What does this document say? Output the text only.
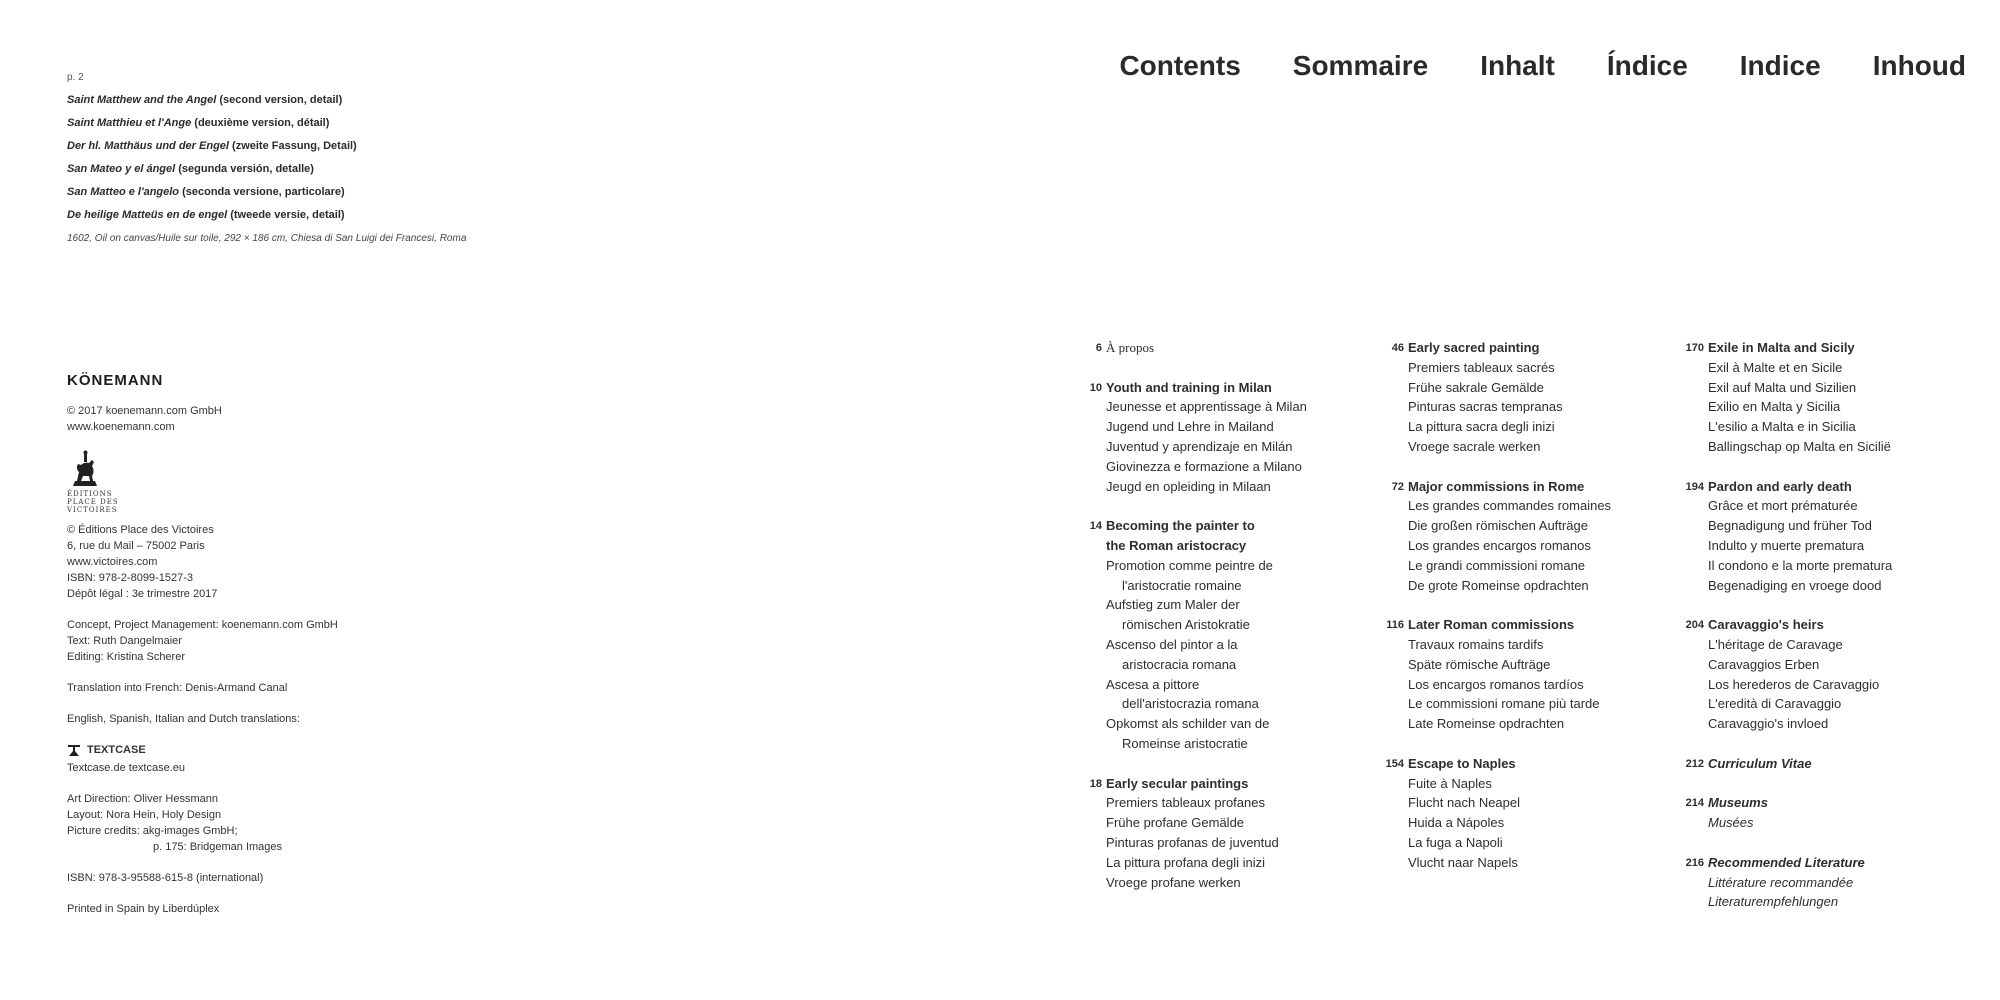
p. 2
Saint Matthew and the Angel (second version, detail)
Saint Matthieu et l'Ange (deuxième version, détail)
Der hl. Matthäus und der Engel (zweite Fassung, Detail)
San Mateo y el ángel (segunda versión, detalle)
San Matteo e l'angelo (seconda versione, particolare)
De heilige Matteüs en de engel (tweede versie, detail)
1602, Oil on canvas/Huile sur toile, 292 × 186 cm, Chiesa di San Luigi dei Francesi, Roma
KÖNEMANN

© 2017 koenemann.com GmbH

www.koenemann.com

ÉDITIONS
PLACE DES
VICTOIRES

© Éditions Place des Victoires

6, rue du Mail – 75002 Paris

www.victoires.com

ISBN: 978-2-8099-1527-3

Dépôt légal : 3e trimestre 2017

Concept, Project Management: koenemann.com GmbH

Text: Ruth Dangelmaier

Editing: Kristina Scherer

Translation into French: Denis-Armand Canal

English, Spanish, Italian and Dutch translations:

TEXTCASE

Textcase.de textcase.eu

Art Direction: Oliver Hessmann

Layout: Nora Hein, Holy Design

Picture credits: akg-images GmbH;

p. 175: Bridgeman Images

ISBN: 978-3-95588-615-8 (international)

Printed in Spain by Liberdúplex

Contents Sommaire Inhalt Índice Indice Inhoud
6 À propos
10 Youth and training in Milan
Jeunesse et apprentissage à Milan
Jugend und Lehre in Mailand
Juventud y aprendizaje en Milán
Giovinezza e formazione a Milano
Jeugd en opleiding in Milaan
14 Becoming the painter to
the Roman aristocracy
Promotion comme peintre de
l'aristocratie romaine
Aufstieg zum Maler der
römischen Aristokratie
Ascenso del pintor a la
aristocracia romana
Ascesa a pittore
dell'aristocrazia romana
Opkomst als schilder van de
Romeinse aristocratie
18 Early secular paintings
Premiers tableaux profanes
Frühe profane Gemälde
Pinturas profanas de juventud
La pittura profana degli inizi
Vroege profane werken
46 Early sacred painting
Premiers tableaux sacrés
Frühe sakrale Gemälde
Pinturas sacras tempranas
La pittura sacra degli inizi
Vroege sacrale werken
72 Major commissions in Rome
Les grandes commandes romaines
Die großen römischen Aufträge
Los grandes encargos romanos
Le grandi commissioni romane
De grote Romeinse opdrachten
116 Later Roman commissions
Travaux romains tardifs
Späte römische Aufträge
Los encargos romanos tardíos
Le commissioni romane più tarde
Late Romeinse opdrachten
154 Escape to Naples
Fuite à Naples
Flucht nach Neapel
Huida a Nápoles
La fuga a Napoli
Vlucht naar Napels
170 Exile in Malta and Sicily
Exil à Malte et en Sicile
Exil auf Malta und Sizilien
Exilio en Malta y Sicilia
L'esilio a Malta e in Sicilia
Ballingschap op Malta en Sicilië
194 Pardon and early death
Grâce et mort prématurée
Begnadigung und früher Tod
Indulto y muerte prematura
Il condono e la morte prematura
Begenadiging en vroege dood
204 Caravaggio's heirs
L'héritage de Caravage
Caravaggios Erben
Los herederos de Caravaggio
L'eredità di Caravaggio
Caravaggio's invloed
212 Curriculum Vitae
214 Museums
Musées
216 Recommended Literature
Littérature recommandée
Literaturempfehlungen
